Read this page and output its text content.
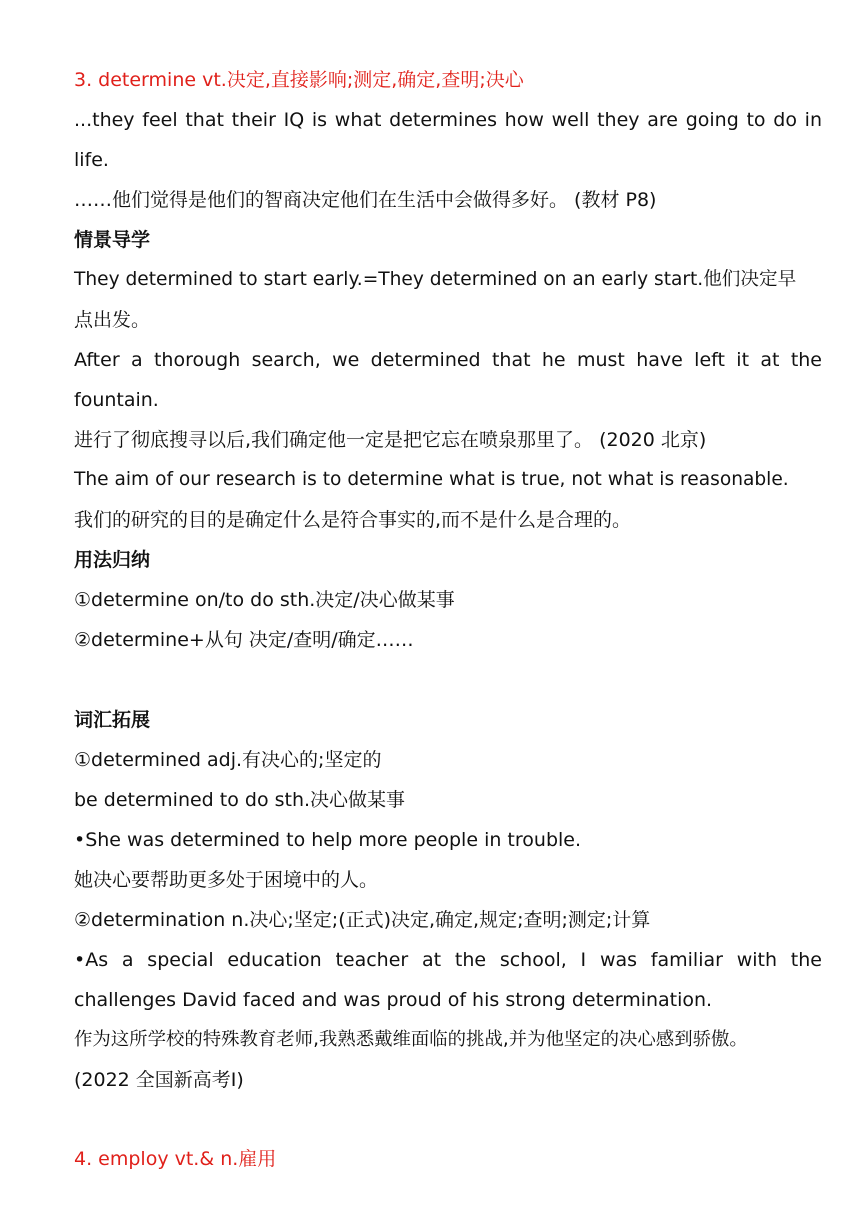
3. determine vt.决定,直接影响;测定,确定,查明;决心
...they feel that their IQ is what determines how well they are going to do in
life.
……他们觉得是他们的智商决定他们在生活中会做得多好。 (教材 P8)
情景导学
They determined to start early.=They determined on an early start.他们决定早
点出发。
After a thorough search, we determined that he must have left it at the
fountain.
进行了彻底搜寻以后,我们确定他一定是把它忘在喷泉那里了。 (2020 北京)
The aim of our research is to determine what is true, not what is reasonable.
我们的研究的目的是确定什么是符合事实的,而不是什么是合理的。
用法归纳
①determine on/to do sth.决定/决心做某事
②determine+从句 决定/查明/确定……
词汇拓展
①determined adj.有决心的;坚定的
be determined to do sth.决心做某事
•She was determined to help more people in trouble.
她决心要帮助更多处于困境中的人。
②determination n.决心;坚定;(正式)决定,确定,规定;查明;测定;计算
•As a special education teacher at the school, I was familiar with the
challenges David faced and was proud of his strong determination.
作为这所学校的特殊教育老师,我熟悉戴维面临的挑战,并为他坚定的决心感到骄傲。
(2022 全国新高考Ⅰ)
4. employ vt.& n.雇用
